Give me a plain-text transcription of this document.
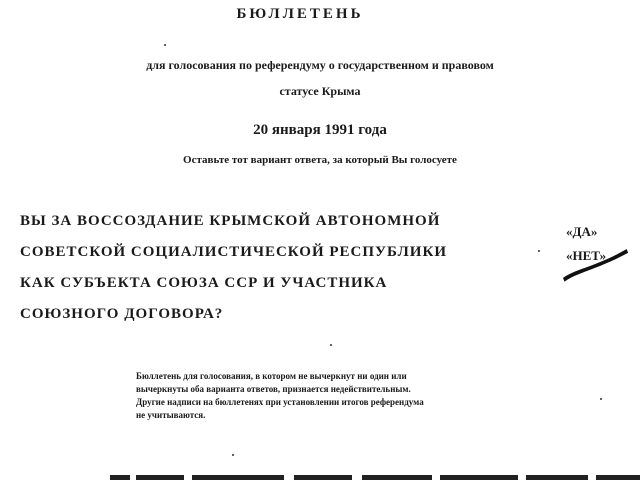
БЮЛЛЕТЕНЬ
для голосования по референдуму о государственном и правовом
статусе Крыма
20 января 1991 года
Оставьте тот вариант ответа, за который Вы голосуете
ВЫ ЗА ВОССОЗДАНИЕ КРЫМСКОЙ АВТОНОМНОЙ
СОВЕТСКОЙ СОЦИАЛИСТИЧЕСКОЙ РЕСПУБЛИКИ
КАК СУБЪЕКТА СОЮЗА ССР И УЧАСТНИКА
СОЮЗНОГО ДОГОВОРА?
«ДА»
«НЕТ»
Бюллетень для голосования, в котором не вычеркнут ни один или
вычеркнуты оба варианта ответов, признается недействительным.
Другие надписи на бюллетенях при установлении итогов референдума
не учитываются.
